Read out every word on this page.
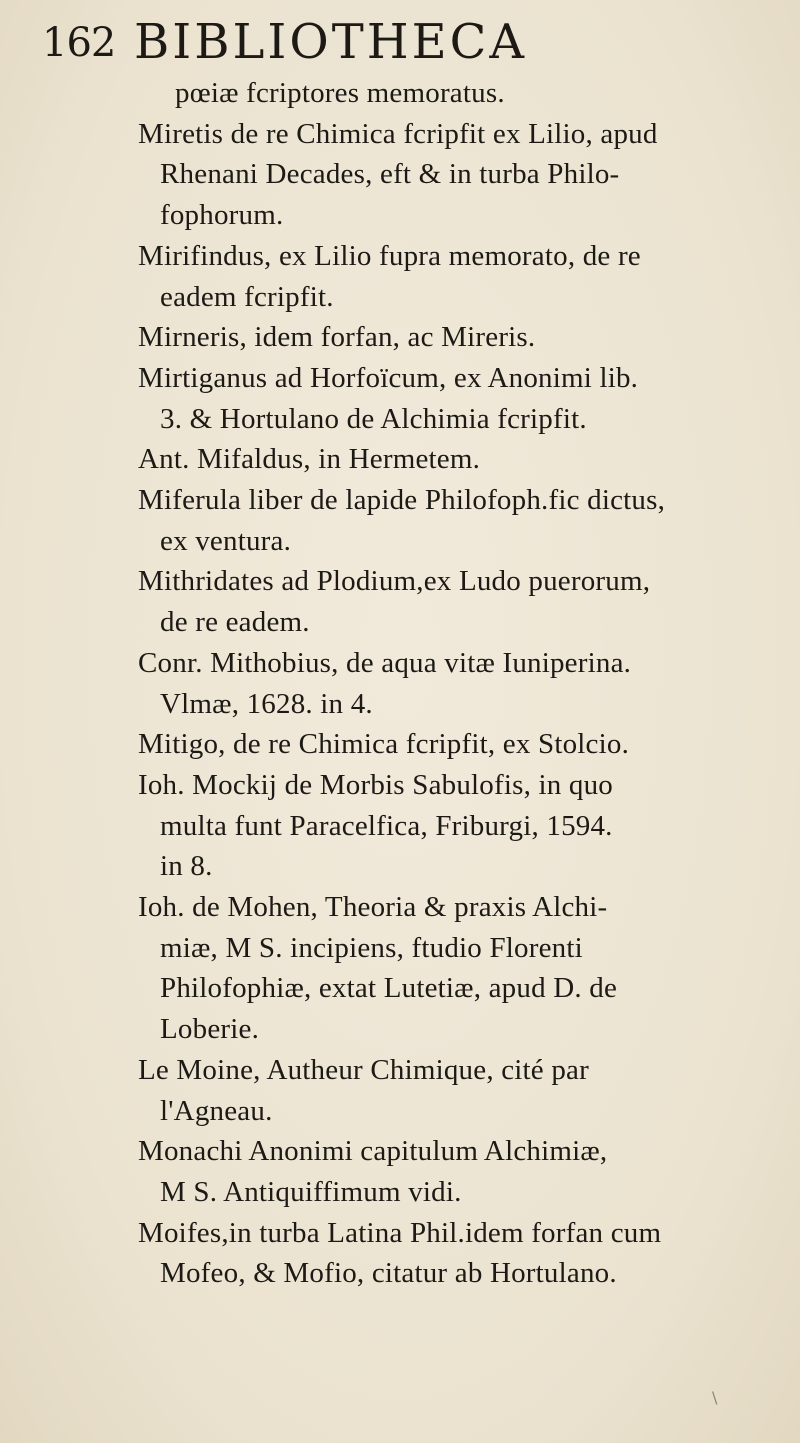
162 BIBLIOTHECA
pœiæ fcriptores memoratus.
Miretis de re Chimica fcripfit ex Lilio, apud
Rhenani Decades, eft & in turba Philo-
fophorum.
Mirifindus, ex Lilio fupra memorato, de re
eadem fcripfit.
Mirneris, idem forfan, ac Mireris.
Mirtiganus ad Horfoïcum, ex Anonimi lib.
3. & Hortulano de Alchimia fcripfit.
Ant. Mifaldus, in Hermetem.
Miferula liber de lapide Philofoph.fic dictus,
ex ventura.
Mithridates ad Plodium,ex Ludo puerorum,
de re eadem.
Conr. Mithobius, de aqua vitæ Iuniperina.
Vlmæ, 1628. in 4.
Mitigo, de re Chimica fcripfit, ex Stolcio.
Ioh. Mockij de Morbis Sabulofis, in quo
multa funt Paracelfica, Friburgi, 1594.
in 8.
Ioh. de Mohen, Theoria & praxis Alchi-
miæ, M S. incipiens, ftudio Florenti
Philofophiæ, extat Lutetiæ, apud D. de
Loberie.
Le Moine, Autheur Chimique, cité par
l'Agneau.
Monachi Anonimi capitulum Alchimiæ,
M S. Antiquiffimum vidi.
Moifes,in turba Latina Phil.idem forfan cum
Mofeo, & Mofio, citatur ab Hortulano.
\
